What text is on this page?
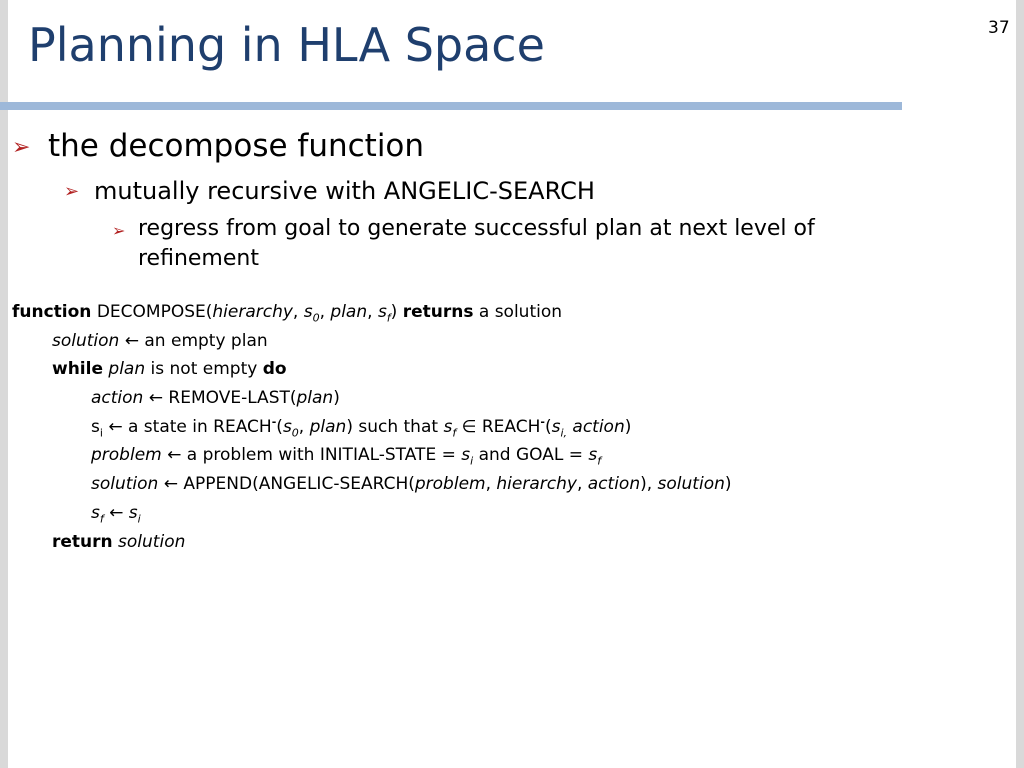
Planning in HLA Space	37
➢ the decompose function
➢ mutually recursive with ANGELIC-SEARCH
➢ regress from goal to generate successful plan at next level of refinement
function DECOMPOSE(hierarchy, $s_0$, plan, $s_f$) returns a solution
solution ← an empty plan
while plan is not empty do
action ← REMOVE-LAST(plan)
$s_i$ ← a state in $REACH^-(s_0$, plan) such that $s_f$ ∈ $REACH^-(s_{i,}$ action)
problem ← a problem with INITIAL-STATE = $s_i$ and GOAL = $s_f$
solution ← APPEND(ANGELIC-SEARCH(problem, hierarchy, action), solution)
$s_f$ ← $s_i$
return solution
